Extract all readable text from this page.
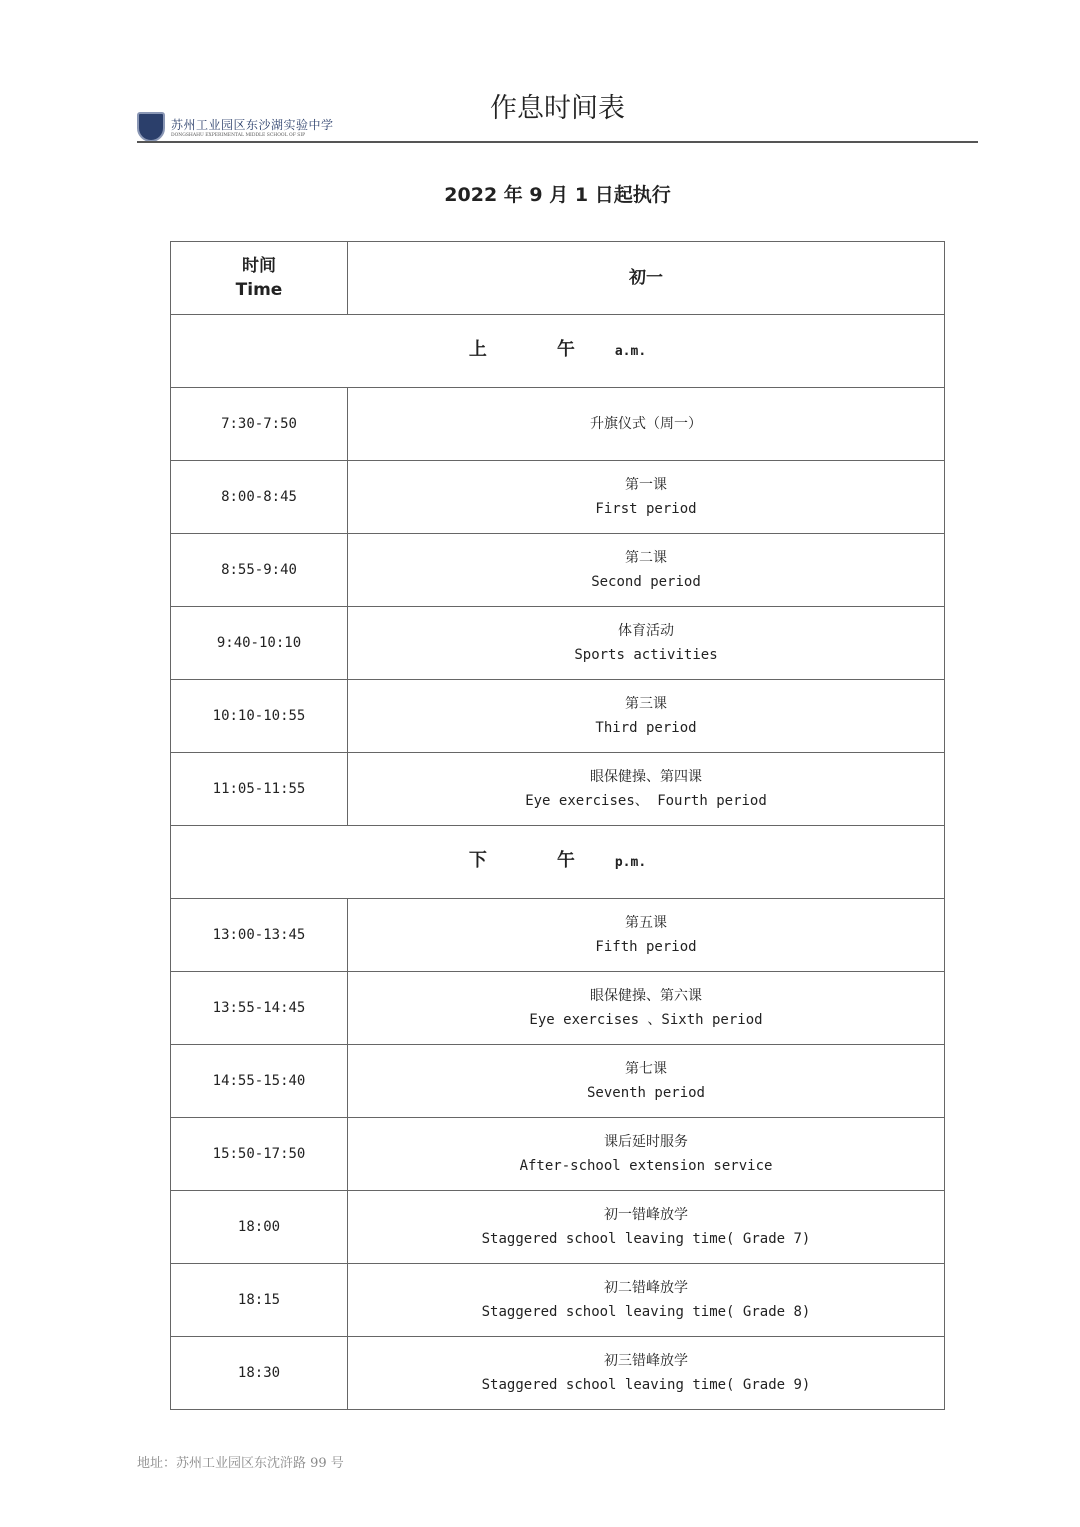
苏州工业园区东沙湖实验中学
DONGSHAHU EXPERIMENTAL MIDDLE SCHOOL OF SIP
作息时间表
2022 年 9 月 1 日起执行
时间
Time	初一
上 午 a.m.	
7:30-7:50	升旗仪式（周一）

8:00-8:45	第一课
First period

8:55-9:40	第二课
Second period

9:40-10:10	体育活动
Sports activities

10:10-10:55	第三课
Third period

11:05-11:55	眼保健操、第四课
Eye exercises、 Fourth period

下 午 p.m.	
13:00-13:45	第五课
Fifth period

13:55-14:45	眼保健操、第六课
Eye exercises 、Sixth period

14:55-15:40	第七课
Seventh period

15:50-17:50	课后延时服务
After-school extension service

18:00	初一错峰放学
Staggered school leaving time( Grade 7)

18:15	初二错峰放学
Staggered school leaving time( Grade 8)

18:30	初三错峰放学
Staggered school leaving time( Grade 9)
地址：苏州工业园区东沈浒路 99 号
